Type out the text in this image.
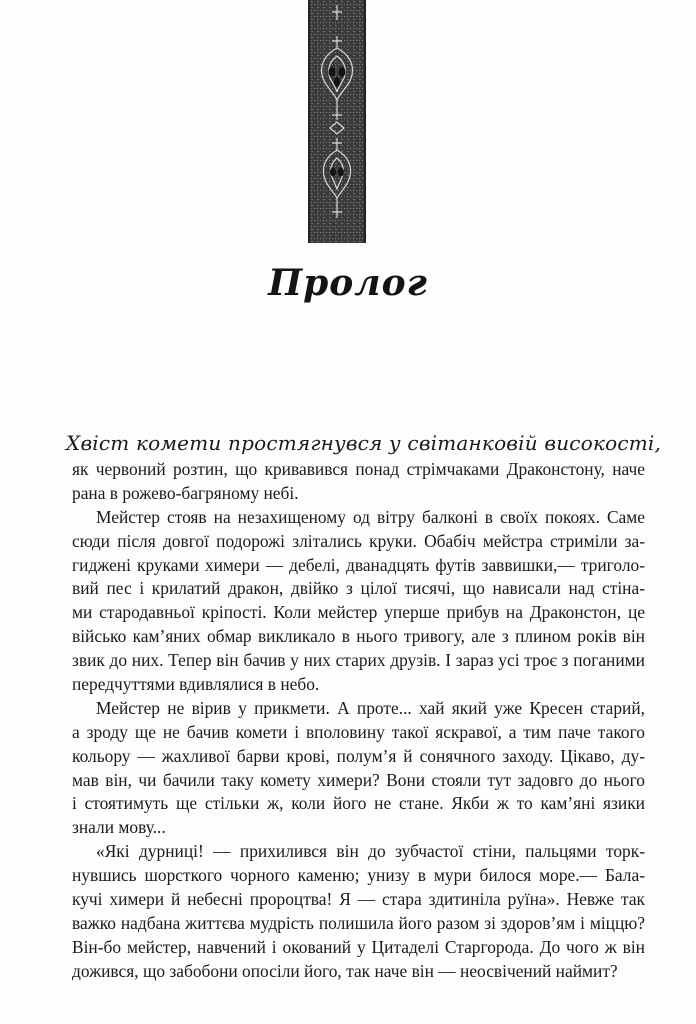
Пролог
Хвіст комети простягнувся у світанковій високості,
як червоний розтин, що кривавився понад стрімчаками Драконстону, наче
рана в рожево-багряному небі.
Мейстер стояв на незахищеному од вітру балконі в своїх покоях. Саме
сюди після довгої подорожі злітались круки. Обабіч мейстра стриміли за-
гиджені круками химери — дебелі, дванадцять футів заввишки,— триголо-
вий пес і крилатий дракон, двійко з цілої тисячі, що нависали над стіна-
ми стародавньої кріпості. Коли мейстер уперше прибув на Драконстон, це
військо кам’яних обмар викликало в нього тривогу, але з плином років він
звик до них. Тепер він бачив у них старих друзів. І зараз усі троє з поганими
передчуттями вдивлялися в небо.
Мейстер не вірив у прикмети. А проте... хай який уже Кресен старий,
а зроду ще не бачив комети і вполовину такої яскравої, а тим паче такого
кольору — жахливої барви крові, полум’я й сонячного заходу. Цікаво, ду-
мав він, чи бачили таку комету химери? Вони стояли тут задовго до нього
і стоятимуть ще стільки ж, коли його не стане. Якби ж то кам’яні язики
знали мову...
«Які дурниці! — прихилився він до зубчастої стіни, пальцями торк-
нувшись шорсткого чорного каменю; унизу в мури билося море.— Бала-
кучі химери й небесні пророцтва! Я — стара здитиніла руїна». Невже так
важко надбана життєва мудрість полишила його разом зі здоров’ям і міццю?
Він-бо мейстер, навчений і окований у Цитаделі Старгорода. До чого ж він
дожився, що забобони опосіли його, так наче він — неосвічений наймит?
